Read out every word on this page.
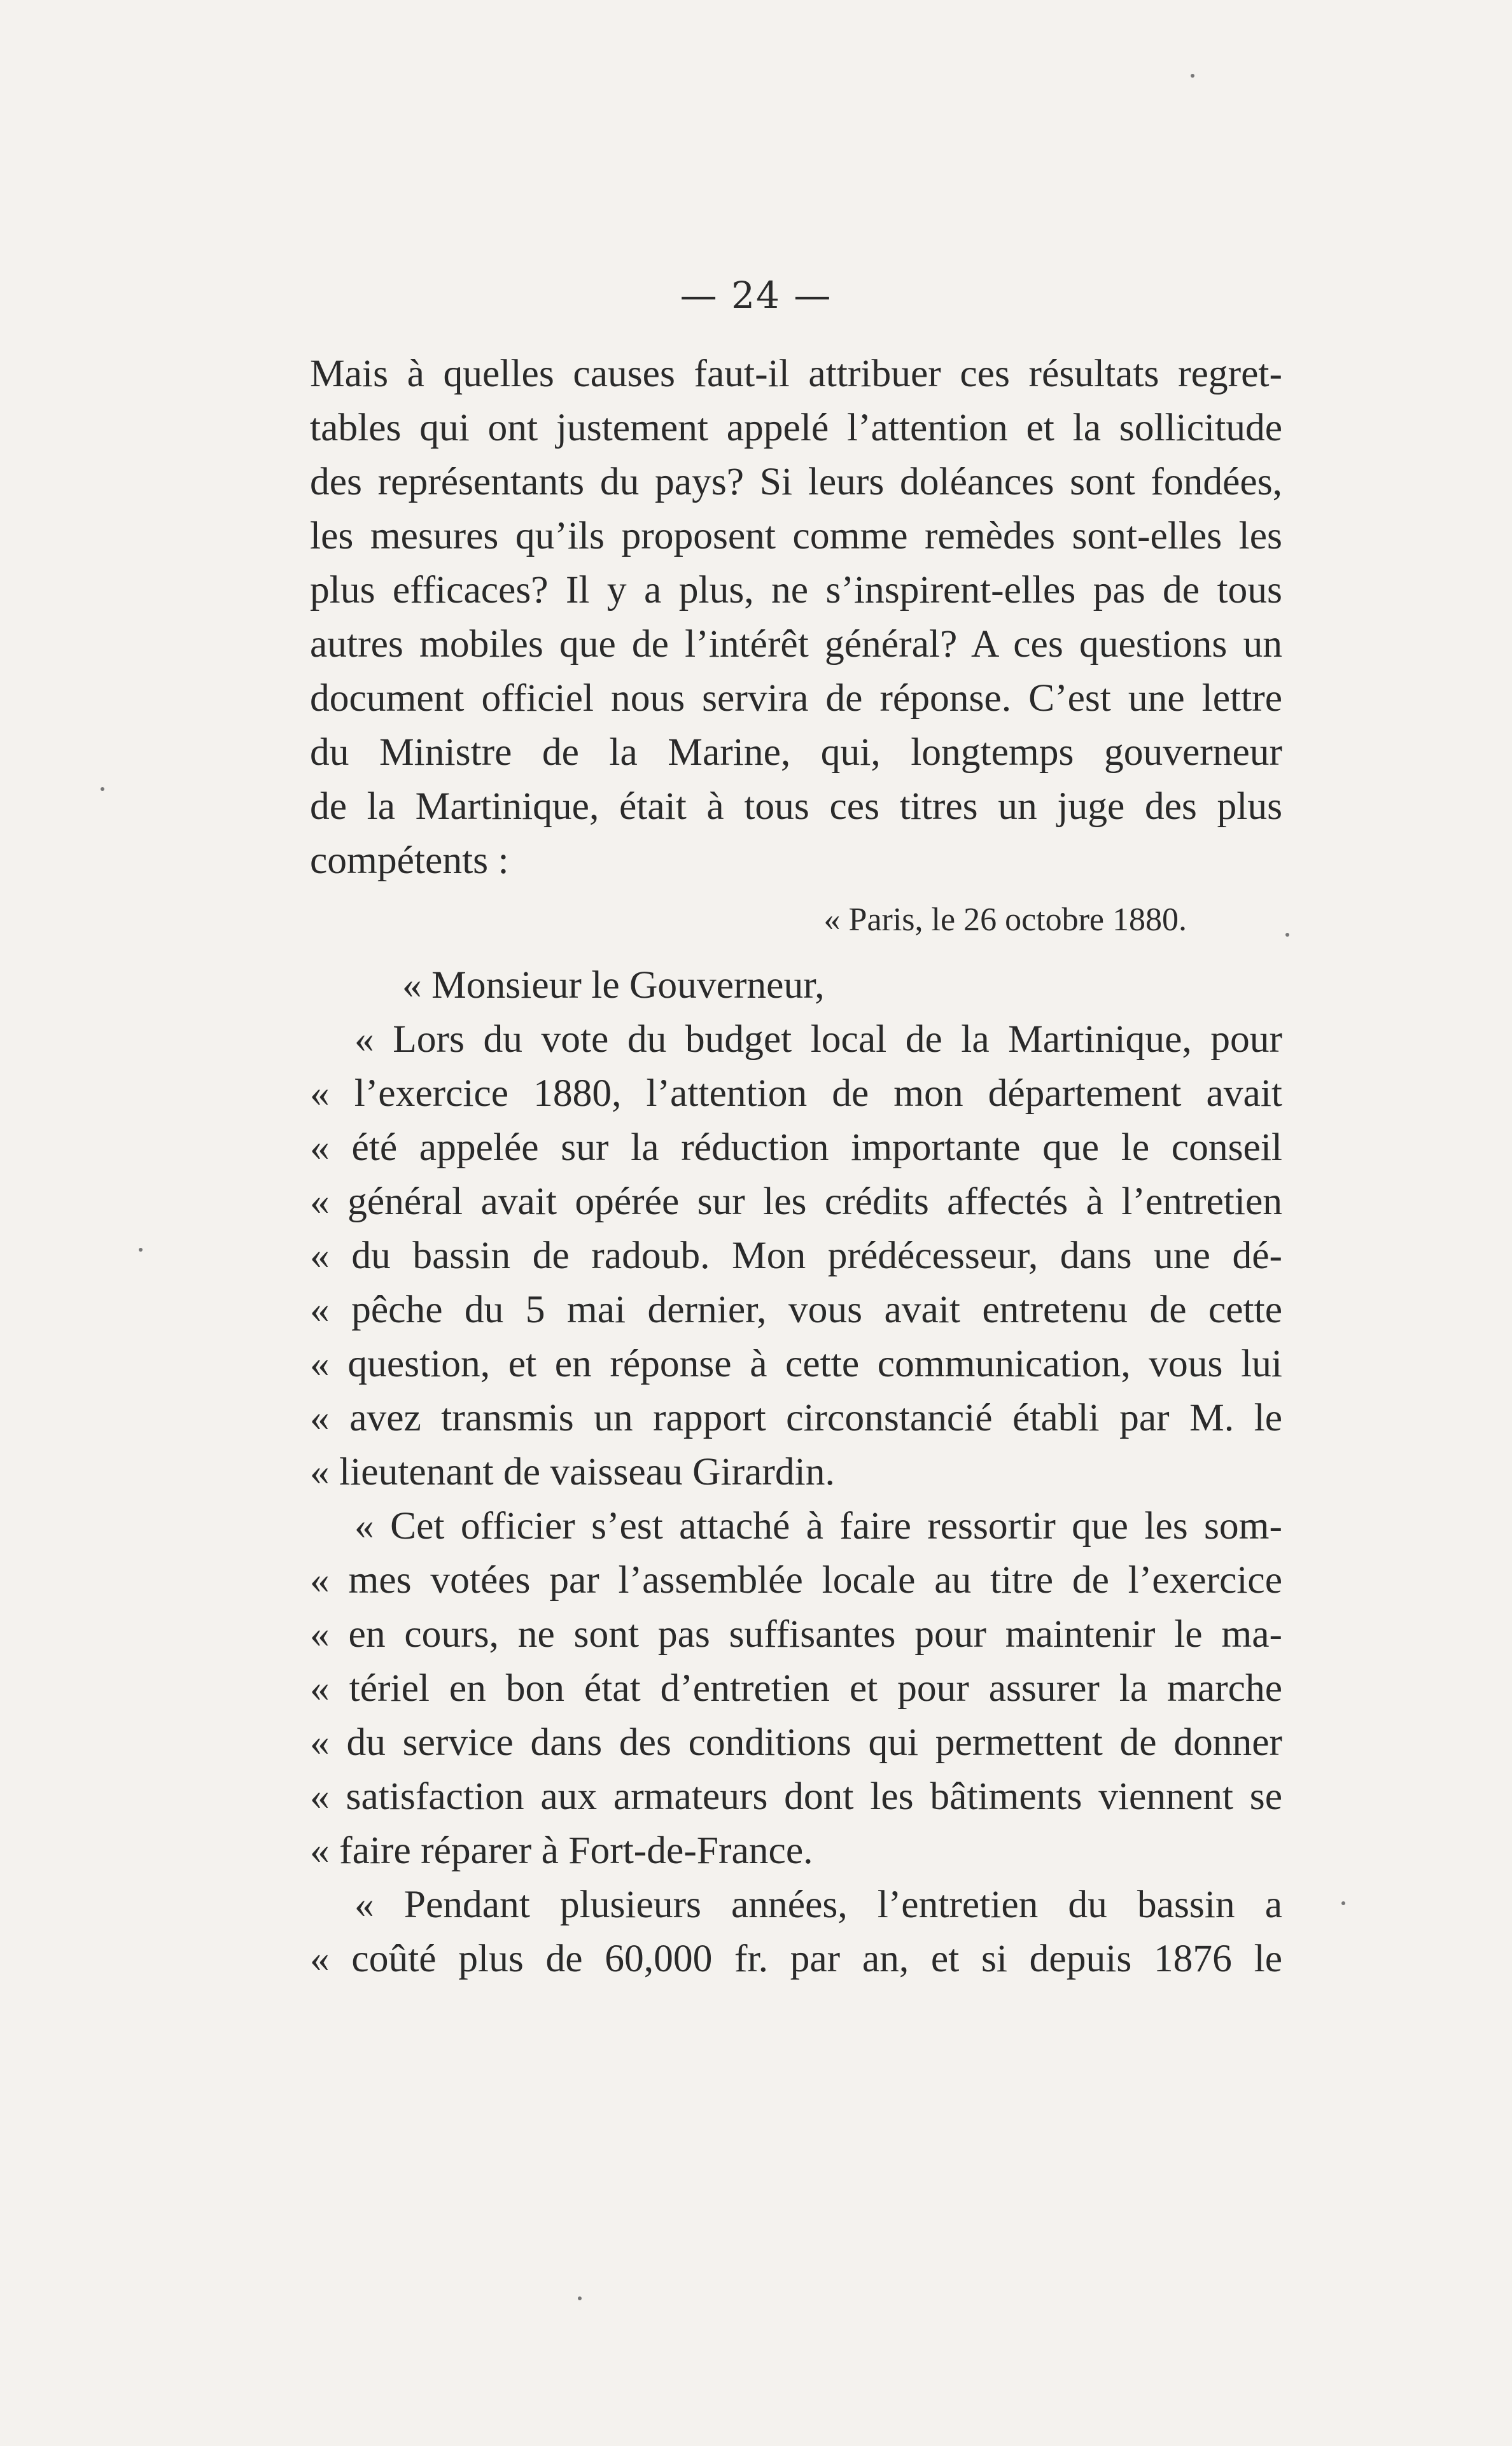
— 24 —
Mais à quelles causes faut-il attribuer ces résultats regret-
tables qui ont justement appelé l’attention et la sollicitude
des représentants du pays? Si leurs doléances sont fondées,
les mesures qu’ils proposent comme remèdes sont-elles les
plus efficaces? Il y a plus, ne s’inspirent-elles pas de tous
autres mobiles que de l’intérêt général? A ces questions un
document officiel nous servira de réponse. C’est une lettre
du Ministre de la Marine, qui, longtemps gouverneur
de la Martinique, était à tous ces titres un juge des plus
compétents :
« Paris, le 26 octobre 1880.
« Monsieur le Gouverneur,
« Lors du vote du budget local de la Martinique, pour
« l’exercice 1880, l’attention de mon département avait
« été appelée sur la réduction importante que le conseil
« général avait opérée sur les crédits affectés à l’entretien
« du bassin de radoub. Mon prédécesseur, dans une dé-
« pêche du 5 mai dernier, vous avait entretenu de cette
« question, et en réponse à cette communication, vous lui
« avez transmis un rapport circonstancié établi par M. le
« lieutenant de vaisseau Girardin.
« Cet officier s’est attaché à faire ressortir que les som-
« mes votées par l’assemblée locale au titre de l’exercice
« en cours, ne sont pas suffisantes pour maintenir le ma-
« tériel en bon état d’entretien et pour assurer la marche
« du service dans des conditions qui permettent de donner
« satisfaction aux armateurs dont les bâtiments viennent se
« faire réparer à Fort-de-France.
« Pendant plusieurs années, l’entretien du bassin a
« coûté plus de 60,000 fr. par an, et si depuis 1876 le
